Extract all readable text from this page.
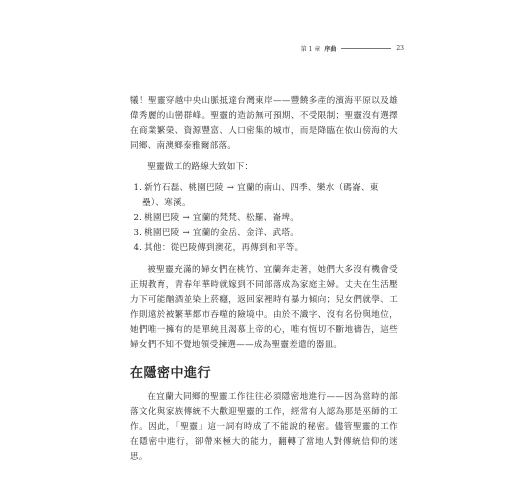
第 1 章 序曲	23

犧！聖靈穿越中央山脈抵達台灣東岸——豐饒多產的濱海平原以及雄偉秀麗的山巒群峰。聖靈的造訪無可預期、不受限制；聖靈沒有選擇在商業繁榮、資源豐富、人口密集的城市，而是降臨在依山傍海的大同鄉、南澳鄉泰雅爾部落。

聖靈做工的路線大致如下：

1. 新竹石磊、桃園巴陵 → 宜蘭的南山、四季、樂水（碼崙、東壘）、寒溪。
2. 桃園巴陵 → 宜蘭的梵梵、松羅、崙埤。
3. 桃園巴陵 → 宜蘭的金岳、金洋、武塔。
4. 其他：從巴陵傳到澳花，再傳到和平等。

被聖靈充滿的婦女們在桃竹、宜蘭奔走著，她們大多沒有機會受正規教育，青春年華時就嫁到不同部落成為家庭主婦。丈夫在生活壓力下可能酗酒並染上菸癮，返回家裡時有暴力傾向；兒女們就學、工作則遠於被繁華都市吞噬的險境中。由於不識字、沒有名份與地位，她們唯一擁有的是單純且渴慕上帝的心，唯有恆切不斷地禱告，這些婦女們不知不覺地領受揀選——成為聖靈差遣的器皿。

在隱密中進行

在宜蘭大同鄉的聖靈工作往往必須隱密地進行——因為當時的部落文化與家族傳統不大歡迎聖靈的工作，經常有人認為那是巫師的工作。因此，「聖靈」這一詞有時成了不能說的秘密。儘管聖靈的工作在隱密中進行，卻帶來極大的能力，翻轉了當地人對傳統信仰的迷思。
